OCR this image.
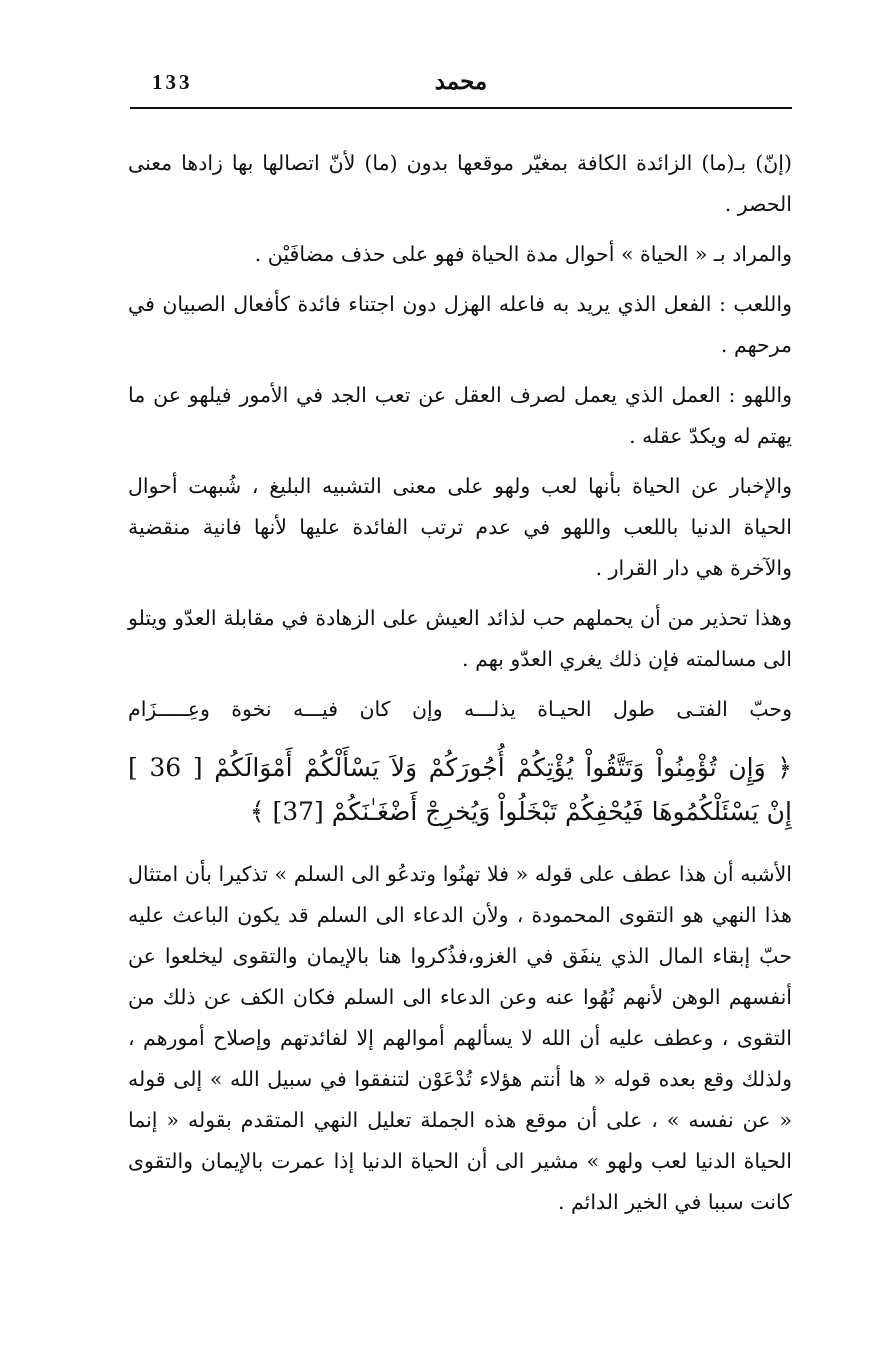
133	محمد

(إنّ) بـ(ما) الزائدة الكافة بمغيّر موقعها بدون (ما) لأنّ اتصالها بها زادها معنى الحصر .

والمراد بـ « الحياة » أحوال مدة الحياة فهو على حذف مضافَيْن .

واللعب : الفعل الذي يريد به فاعله الهزل دون اجتناء فائدة كأفعال الصبيان في مرحهم .

واللهو : العمل الذي يعمل لصرف العقل عن تعب الجد في الأمور فيلهو عن ما يهتم له ويكدّ عقله .

والإخبار عن الحياة بأنها لعب ولهو على معنى التشبيه البليغ ، شُبهت أحوال الحياة الدنيا باللعب واللهو في عدم ترتب الفائدة عليها لأنها فانية منقضية والآخرة هي دار القرار .

وهذا تحذير من أن يحملهم حب لذائد العيش على الزهادة في مقابلة العدّو ويتلو الى مسالمته فإن ذلك يغري العدّو بهم .

وحبّ الفتـى طول الحيـاة يذلـــه وإن كان فيـــه نخوة وعِـــــزَام

﴿ وَإِن تُؤْمِنُواْ وَتَتَّقُواْ يُؤْتِكُمْ أُجُورَكُمْ وَلاَ يَسْأَلْكُمْ أَمْوَالَكُمْ [ 36 ]
إِنْ يَسْئَلْكُمُوهَا فَيُحْفِكُمْ تَبْخَلُواْ وَيُخرِجْ أَضْغَـٰنَكُمْ [37] ﴾

الأشبه أن هذا عطف على قوله « فلا تهنُوا وتدعُو الى السلم » تذكيرا بأن امتثال هذا النهي هو التقوى المحمودة ، ولأن الدعاء الى السلم قد يكون الباعث عليه حبّ إبقاء المال الذي ينفَق في الغزو،فذُكروا هنا بالإيمان والتقوى ليخلعوا عن أنفسهم الوهن لأنهم نُهُوا عنه وعن الدعاء الى السلم فكان الكف عن ذلك من التقوى ، وعطف عليه أن الله لا يسألهم أموالهم إلا لفائدتهم وإصلاح أمورهم ، ولذلك وقع بعده قوله « ها أنتم هؤلاء تُدْعَوْن لتنفقوا في سبيل الله » إلى قوله « عن نفسه » ، على أن موقع هذه الجملة تعليل النهي المتقدم بقوله « إنما الحياة الدنيا لعب ولهو » مشير الى أن الحياة الدنيا إذا عمرت بالإيمان والتقوى كانت سببا في الخير الدائم .
